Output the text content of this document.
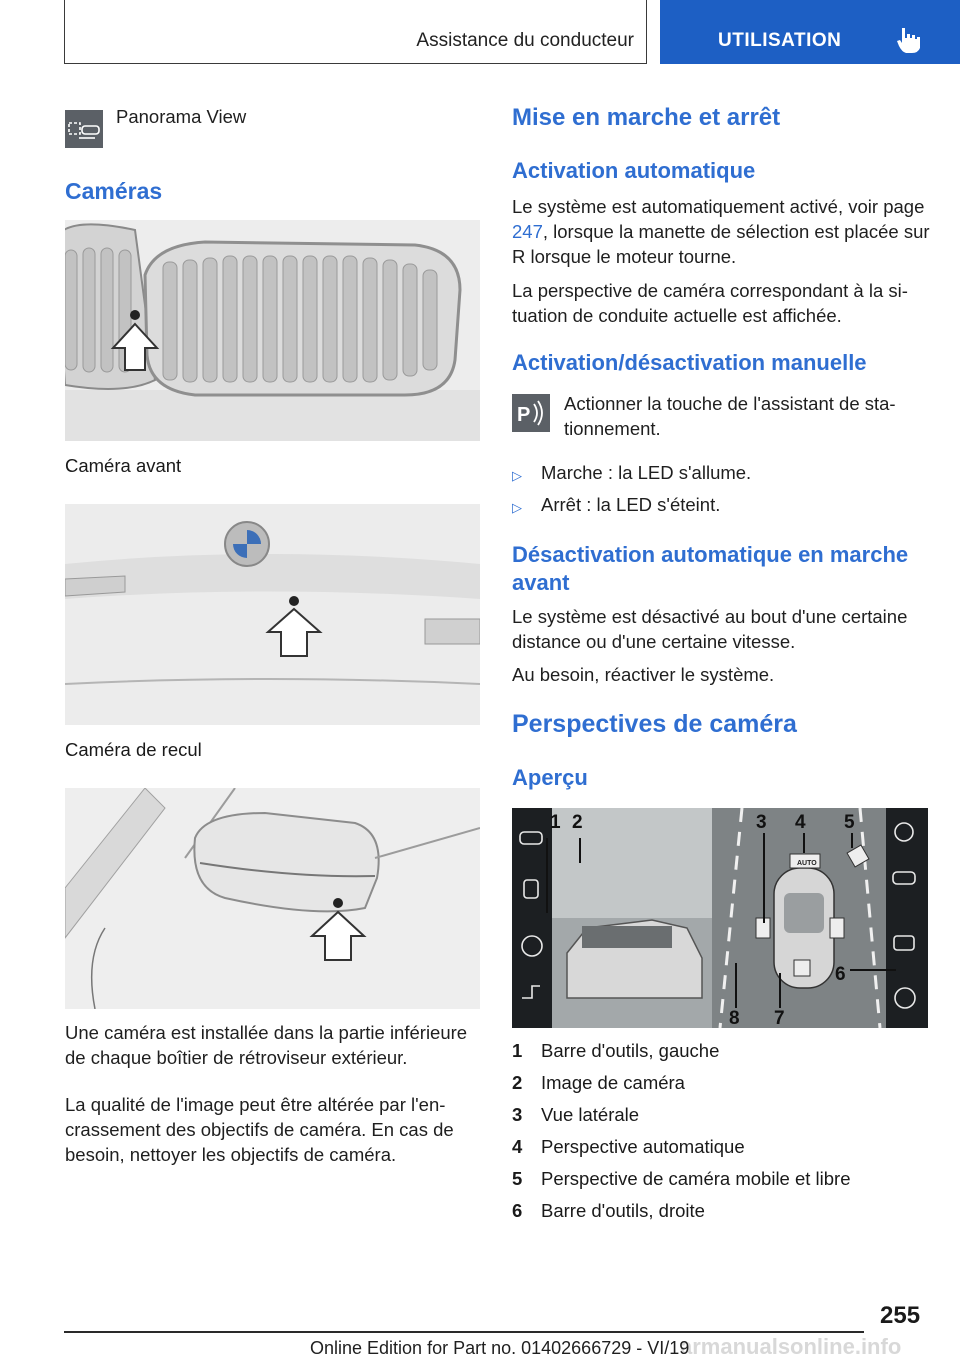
Assistance du conducteur	UTILISATION
Panorama View
Caméras
Caméra avant
Caméra de recul
Une caméra est installée dans la partie inférieure de chaque boîtier de rétroviseur extérieur.
La qualité de l'image peut être altérée par l'encrassement des objectifs de caméra. En cas de besoin, nettoyer les objectifs de caméra.
Mise en marche et arrêt
Activation automatique
Le système est automatiquement activé, voir page 247, lorsque la manette de sélection est placée sur R lorsque le moteur tourne.
La perspective de caméra correspondant à la situation de conduite actuelle est affichée.
Activation/désactivation manuelle
P
Actionner la touche de l'assistant de stationnement.
▷ Marche : la LED s'allume.
▷ Arrêt : la LED s'éteint.
Désactivation automatique en marche avant
Le système est désactivé au bout d'une certaine distance ou d'une certaine vitesse.
Au besoin, réactiver le système.
Perspectives de caméra
Aperçu
AUTO
1 2	3 4 5
6
7
8
1 Barre d'outils, gauche
2 Image de caméra
3 Vue latérale
4 Perspective automatique
5 Perspective de caméra mobile et libre
6 Barre d'outils, droite
255
armanualsonline.info
Online Edition for Part no. 01402666729 - VI/19
